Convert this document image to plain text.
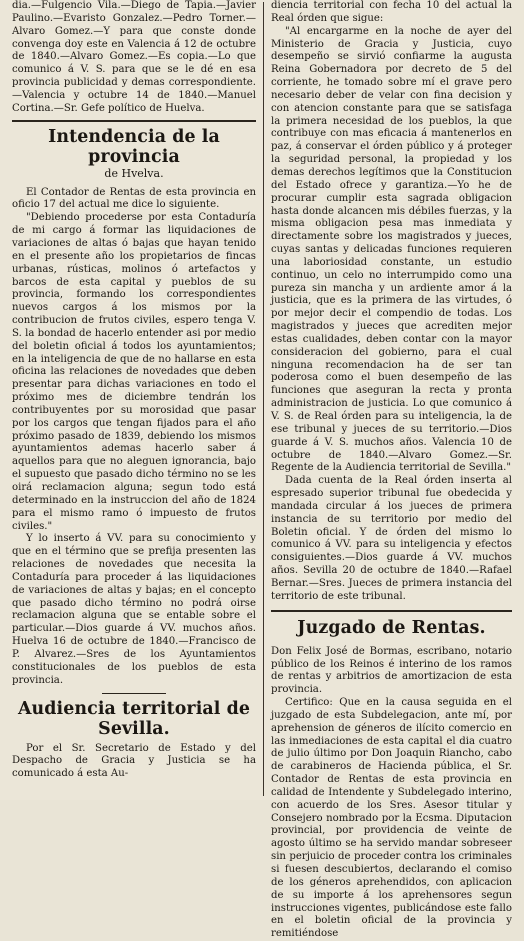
dia.—Fulgencio Vila.—Diego de Tapia.—Javier Paulino.—Evaristo Gonzalez.—Pedro Torner.—Alvaro Gomez.—Y para que conste donde convenga doy este en Valencia á 12 de octubre de 1840.—Alvaro Gomez.—Es copia.—Lo que comunico á V. S. para que se le dé en esa provincia publicidad y demas correspondiente.—Valencia y octubre 14 de 1840.—Manuel Cortina.—Sr. Gefe político de Huelva.

Intendencia de la provincia
de Hvelva.

El Contador de Rentas de esta provincia en oficio 17 del actual me dice lo siguiente.

"Debiendo procederse por esta Contaduría de mi cargo á formar las liquidaciones de variaciones de altas ó bajas que hayan tenido en el presente año los propietarios de fincas urbanas, rústicas, molinos ó artefactos y barcos de esta capital y pueblos de su provincia, formando los correspondientes nuevos cargos á los mismos por la contribucion de frutos civiles, espero tenga V. S. la bondad de hacerlo entender asi por medio del boletin oficial á todos los ayuntamientos; en la inteligencia de que de no hallarse en esta oficina las relaciones de novedades que deben presentar para dichas variaciones en todo el próximo mes de diciembre tendrán los contribuyentes por su morosidad que pasar por los cargos que tengan fijados para el año próximo pasado de 1839, debiendo los mismos ayuntamientos ademas hacerlo saber á aquellos para que no aleguen ignorancia, bajo el supuesto que pasado dicho término no se les oirá reclamacion alguna; segun todo está determinado en la instruccion del año de 1824 para el mismo ramo ó impuesto de frutos civiles."

Y lo inserto á VV. para su conocimiento y que en el término que se prefija presenten las relaciones de novedades que necesita la Contaduría para proceder á las liquidaciones de variaciones de altas y bajas; en el concepto que pasado dicho término no podrá oirse reclamacion alguna que se entable sobre el particular.—Dios guarde á VV. muchos años. Huelva 16 de octubre de 1840.—Francisco de P. Alvarez.—Sres de los Ayuntamientos constitucionales de los pueblos de esta provincia.

Audiencia territorial de Sevilla.

Por el Sr. Secretario de Estado y del Despacho de Gracia y Justicia se ha comunicado á esta Au-

diencia territorial con fecha 10 del actual la Real órden que sigue:

"Al encargarme en la noche de ayer del Ministerio de Gracia y Justicia, cuyo desempeño se sirvió confiarme la augusta Reina Gobernadora por decreto de 5 del corriente, he tomado sobre mí el grave pero necesario deber de velar con fina decision y con atencion constante para que se satisfaga la primera necesidad de los pueblos, la que contribuye con mas eficacia á mantenerlos en paz, á conservar el órden público y á proteger la seguridad personal, la propiedad y los demas derechos legítimos que la Constitucion del Estado ofrece y garantiza.—Yo he de procurar cumplir esta sagrada obligacion hasta donde alcancen mis débiles fuerzas, y la misma obligacion pesa mas inmediata y directamente sobre los magistrados y jueces, cuyas santas y delicadas funciones requieren una laboriosidad constante, un estudio continuo, un celo no interrumpido como una pureza sin mancha y un ardiente amor á la justicia, que es la primera de las virtudes, ó por mejor decir el compendio de todas. Los magistrados y jueces que acrediten mejor estas cualidades, deben contar con la mayor consideracion del gobierno, para el cual ninguna recomendacion ha de ser tan poderosa como el buen desempeño de las funciones que aseguran la recta y pronta administracion de justicia. Lo que comunico á V. S. de Real órden para su inteligencia, la de ese tribunal y jueces de su territorio.—Dios guarde á V. S. muchos años. Valencia 10 de octubre de 1840.—Alvaro Gomez.—Sr. Regente de la Audiencia territorial de Sevilla."

Dada cuenta de la Real órden inserta al espresado superior tribunal fue obedecida y mandada circular á los jueces de primera instancia de su territorio por medio del Boletin oficial. Y de órden del mismo lo comunico á VV. para su inteligencia y efectos consiguientes.—Dios guarde á VV. muchos años. Sevilla 20 de octubre de 1840.—Rafael Bernar.—Sres. Jueces de primera instancia del territorio de este tribunal.

Juzgado de Rentas.

Don Felix José de Bormas, escribano, notario público de los Reinos é interino de los ramos de rentas y arbitrios de amortizacion de esta provincia.

Certifico: Que en la causa seguida en el juzgado de esta Subdelegacion, ante mí, por aprehension de géneros de ilícito comercio en las inmediaciones de esta capital el dia cuatro de julio último por Don Joaquin Riancho, cabo de carabineros de Hacienda pública, el Sr. Contador de Rentas de esta provincia en calidad de Intendente y Subdelegado interino, con acuerdo de los Sres. Asesor titular y Consejero nombrado por la Ecsma. Diputacion provincial, por providencia de veinte de agosto último se ha servido mandar sobreseer sin perjuicio de proceder contra los criminales si fuesen descubiertos, declarando el comiso de los géneros aprehendidos, con aplicacion de su importe á los aprehensores segun instrucciones vigentes, publicándose este fallo en el boletin oficial de la provincia y remitiéndose
